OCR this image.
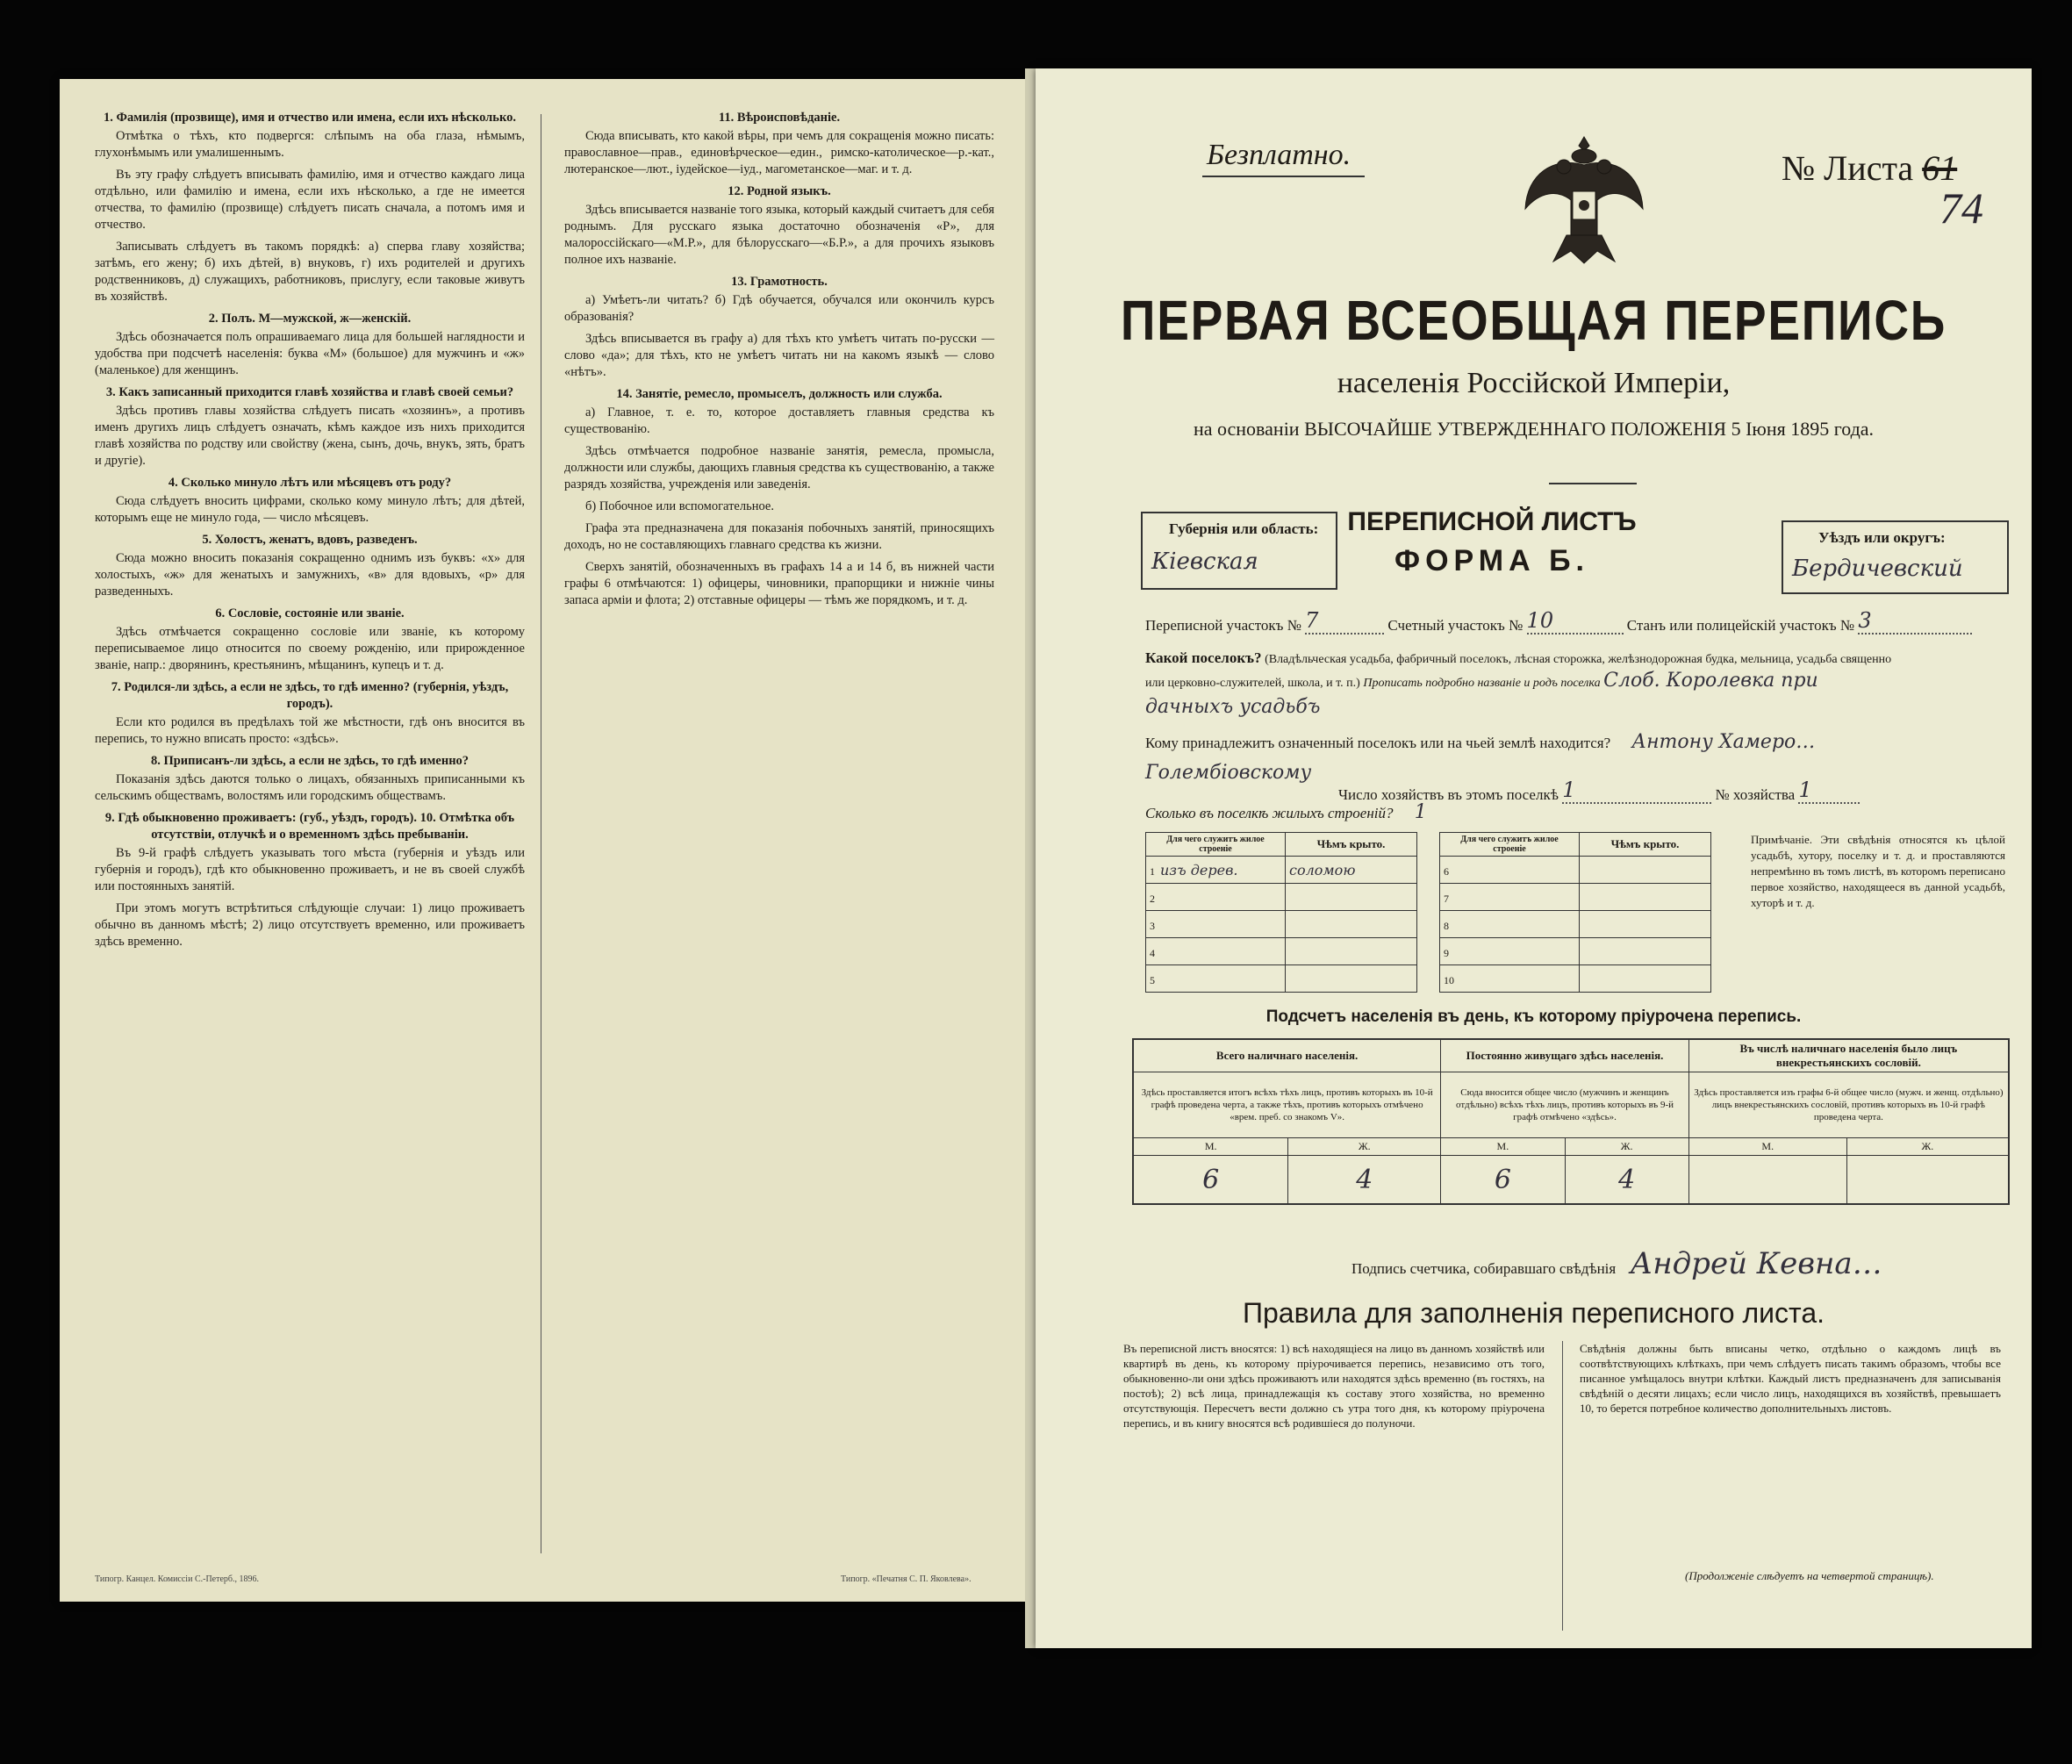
1. Фамилія (прозвище), имя и отчество или имена, если ихъ нѣсколько.

Отмѣтка о тѣхъ, кто подвергся: слѣпымъ на оба глаза, нѣмымъ, глухонѣмымъ или умалишеннымъ.

Въ эту графу слѣдуетъ вписывать фамилію, имя и отчество каждаго лица отдѣльно, или фамилію и имена, если ихъ нѣсколько, а где не имеется отчества, то фамилію (прозвище) слѣдуетъ писать сначала, а потомъ имя и отчество.

Записывать слѣдуетъ въ такомъ порядкѣ: а) сперва главу хозяйства; затѣмъ, его жену; б) ихъ дѣтей, в) внуковъ, г) ихъ родителей и другихъ родственниковъ, д) служащихъ, работниковъ, прислугу, если таковые живутъ въ хозяйствѣ.

2. Полъ. М—мужской, ж—женскій.

Здѣсь обозначается полъ опрашиваемаго лица для большей наглядности и удобства при подсчетѣ населенія: буква «М» (большое) для мужчинъ и «ж» (маленькое) для женщинъ.

3. Какъ записанный приходится главѣ хозяйства и главѣ своей семьи?

Здѣсь противъ главы хозяйства слѣдуетъ писать «хозяинъ», а противъ именъ другихъ лицъ слѣдуетъ означать, кѣмъ каждое изъ нихъ приходится главѣ хозяйства по родству или свойству (жена, сынъ, дочь, внукъ, зять, братъ и другіе).

4. Сколько минуло лѣтъ или мѣсяцевъ отъ роду?

Сюда слѣдуетъ вносить цифрами, сколько кому минуло лѣтъ; для дѣтей, которымъ еще не минуло года, — число мѣсяцевъ.

5. Холостъ, женатъ, вдовъ, разведенъ.

Сюда можно вносить показанія сокращенно однимъ изъ буквъ: «х» для холостыхъ, «ж» для женатыхъ и замужнихъ, «в» для вдовыхъ, «р» для разведенныхъ.

6. Сословіе, состояніе или званіе.

Здѣсь отмѣчается сокращенно сословіе или званіе, къ которому переписываемое лицо относится по своему рожденію, или прирожденное званіе, напр.: дворянинъ, крестьянинъ, мѣщанинъ, купецъ и т. д.

7. Родился-ли здѣсь, а если не здѣсь, то гдѣ именно? (губернія, уѣздъ, городъ).

Если кто родился въ предѣлахъ той же мѣстности, гдѣ онъ вносится въ перепись, то нужно вписать просто: «здѣсь».

8. Приписанъ-ли здѣсь, а если не здѣсь, то гдѣ именно?

Показанія здѣсь даются только о лицахъ, обязанныхъ приписанными къ сельскимъ обществамъ, волостямъ или городскимъ обществамъ.

9. Гдѣ обыкновенно проживаетъ: (губ., уѣздъ, городъ). 10. Отмѣтка объ отсутствіи, отлучкѣ и о временномъ здѣсь пребываніи.

Въ 9-й графѣ слѣдуетъ указывать того мѣста (губернія и уѣздъ или губернія и городъ), гдѣ кто обыкновенно проживаетъ, и не въ своей службѣ или постоянныхъ занятій.

При этомъ могутъ встрѣтиться слѣдующіе случаи: 1) лицо проживаетъ обычно въ данномъ мѣстѣ; 2) лицо отсутствуетъ временно, или проживаетъ здѣсь временно.

11. Вѣроисповѣданіе.

Сюда вписывать, кто какой вѣры, при чемъ для сокращенія можно писать: православное—прав., единовѣрческое—един., римско-католическое—р.-кат., лютеранское—лют., іудейское—іуд., магометанское—маг. и т. д.

12. Родной языкъ.

Здѣсь вписывается названіе того языка, который каждый считаетъ для себя роднымъ. Для русскаго языка достаточно обозначенія «Р», для малороссійскаго—«М.Р.», для бѣлорусскаго—«Б.Р.», а для прочихъ языковъ полное ихъ названіе.

13. Грамотность.

а) Умѣетъ-ли читать? б) Гдѣ обучается, обучался или окончилъ курсъ образованія?

Здѣсь вписывается въ графу а) для тѣхъ кто умѣетъ читать по-русски — слово «да»; для тѣхъ, кто не умѣетъ читать ни на какомъ языкѣ — слово «нѣтъ».

14. Занятіе, ремесло, промыселъ, должность или служба.

а) Главное, т. е. то, которое доставляетъ главныя средства къ существованію.

Здѣсь отмѣчается подробное названіе занятія, ремесла, промысла, должности или службы, дающихъ главныя средства къ существованію, а также разрядъ хозяйства, учрежденія или заведенія.

б) Побочное или вспомогательное.

Графа эта предназначена для показанія побочныхъ занятій, приносящихъ доходъ, но не составляющихъ главнаго средства къ жизни.

Сверхъ занятій, обозначенныхъ въ графахъ 14 а и 14 б, въ нижней части графы 6 отмѣчаются: 1) офицеры, чиновники, прапорщики и нижніе чины запаса арміи и флота; 2) отставные офицеры — тѣмъ же порядкомъ, и т. д.

Типогр. Канцел. Комиссіи С.-Петерб., 1896.	Типогр. «Печатня С. П. Яковлева».
Безплатно.	№ Листа 61
74
ПЕРВАЯ ВСЕОБЩАЯ ПЕРЕПИСЬ
населенія Россійской Имперіи,
на основаніи ВЫСОЧАЙШЕ УТВЕРЖДЕННАГО ПОЛОЖЕНІЯ 5 Іюня 1895 года.
Губернія или область:
Кіевская
ПЕРЕПИСНОЙ ЛИСТЪ
ФОРМА Б.
Уѣздъ или округъ:
Бердичевский
Переписной участокъ № 7	Счетный участокъ № 10	Станъ или полицейскій участокъ № 3
Какой поселокъ? (Владѣльческая усадьба, фабричный поселокъ, лѣсная сторожка, желѣзнодорожная будка, мельница, усадьба священно или церковно-служителей, школа, и т. п.) Прописать подробно названіе и родъ поселка Слоб. Королевка при
дачныхъ усадьбъ
Кому принадлежитъ означенный поселокъ или на чьей землѣ находится? Антону Хамеро…
Голембіовскому
Число хозяйствъ въ этомъ поселкѣ 1	№ хозяйства 1
Сколько въ поселкѣ жилыхъ строеній? 1
Для чего служитъ жилое строеніе	Чѣмъ крыто.
1 изъ дерев.	соломою
2	
3	
4	
5	
Для чего служитъ жилое строеніе	Чѣмъ крыто.
6	
7	
8	
9	
10	
Примѣчаніе. Эти свѣдѣнія относятся къ цѣлой усадьбѣ, хутору, поселку и т. д. и проставляются непремѣнно въ томъ листѣ, въ которомъ переписано первое хозяйство, находящееся въ данной усадьбѣ, хуторѣ и т. д.
Подсчетъ населенія въ день, къ которому пріурочена перепись.
Всего наличнаго населенія.		Постоянно живущаго здѣсь населенія.		Въ числѣ наличнаго населенія было лицъ внекрестьянскихъ сословій.	
Здѣсь проставляется итогъ всѣхъ тѣхъ лицъ, противъ которыхъ въ 10-й графѣ проведена черта, а также тѣхъ, противъ которыхъ отмѣчено «врем. преб. со знакомъ V».		Сюда вносится общее число (мужчинъ и женщинъ отдѣльно) всѣхъ тѣхъ лицъ, противъ которыхъ въ 9-й графѣ отмѣчено «здѣсь».		Здѣсь проставляется изъ графы 6-й общее число (мужч. и женщ. отдѣльно) лицъ внекрестьянскихъ сословій, противъ которыхъ въ 10-й графѣ проведена черта.	
М.	Ж.	М.	Ж.	М.	Ж.
6	4	6	4		
Подпись счетчика, собиравшаго свѣдѣнія Андрей Кевна…
Правила для заполненія переписного листа.
Въ переписной листъ вносятся: 1) всѣ находящіеся на лицо въ данномъ хозяйствѣ или квартирѣ въ день, къ которому пріурочивается перепись, независимо отъ того, обыкновенно-ли они здѣсь проживаютъ или находятся здѣсь временно (въ гостяхъ, на постоѣ); 2) всѣ лица, принадлежащія къ составу этого хозяйства, но временно отсутствующія. Пересчетъ вести должно съ утра того дня, къ которому пріурочена перепись, и въ книгу вносятся всѣ родившіеся до полуночи.
Свѣдѣнія должны быть вписаны четко, отдѣльно о каждомъ лицѣ въ соотвѣтствующихъ клѣткахъ, при чемъ слѣдуетъ писать такимъ образомъ, чтобы все писанное умѣщалось внутри клѣтки. Каждый листъ предназначенъ для записыванія свѣдѣній о десяти лицахъ; если число лицъ, находящихся въ хозяйствѣ, превышаетъ 10, то берется потребное количество дополнительныхъ листовъ.
(Продолженіе слѣдуетъ на четвертой страницѣ).
